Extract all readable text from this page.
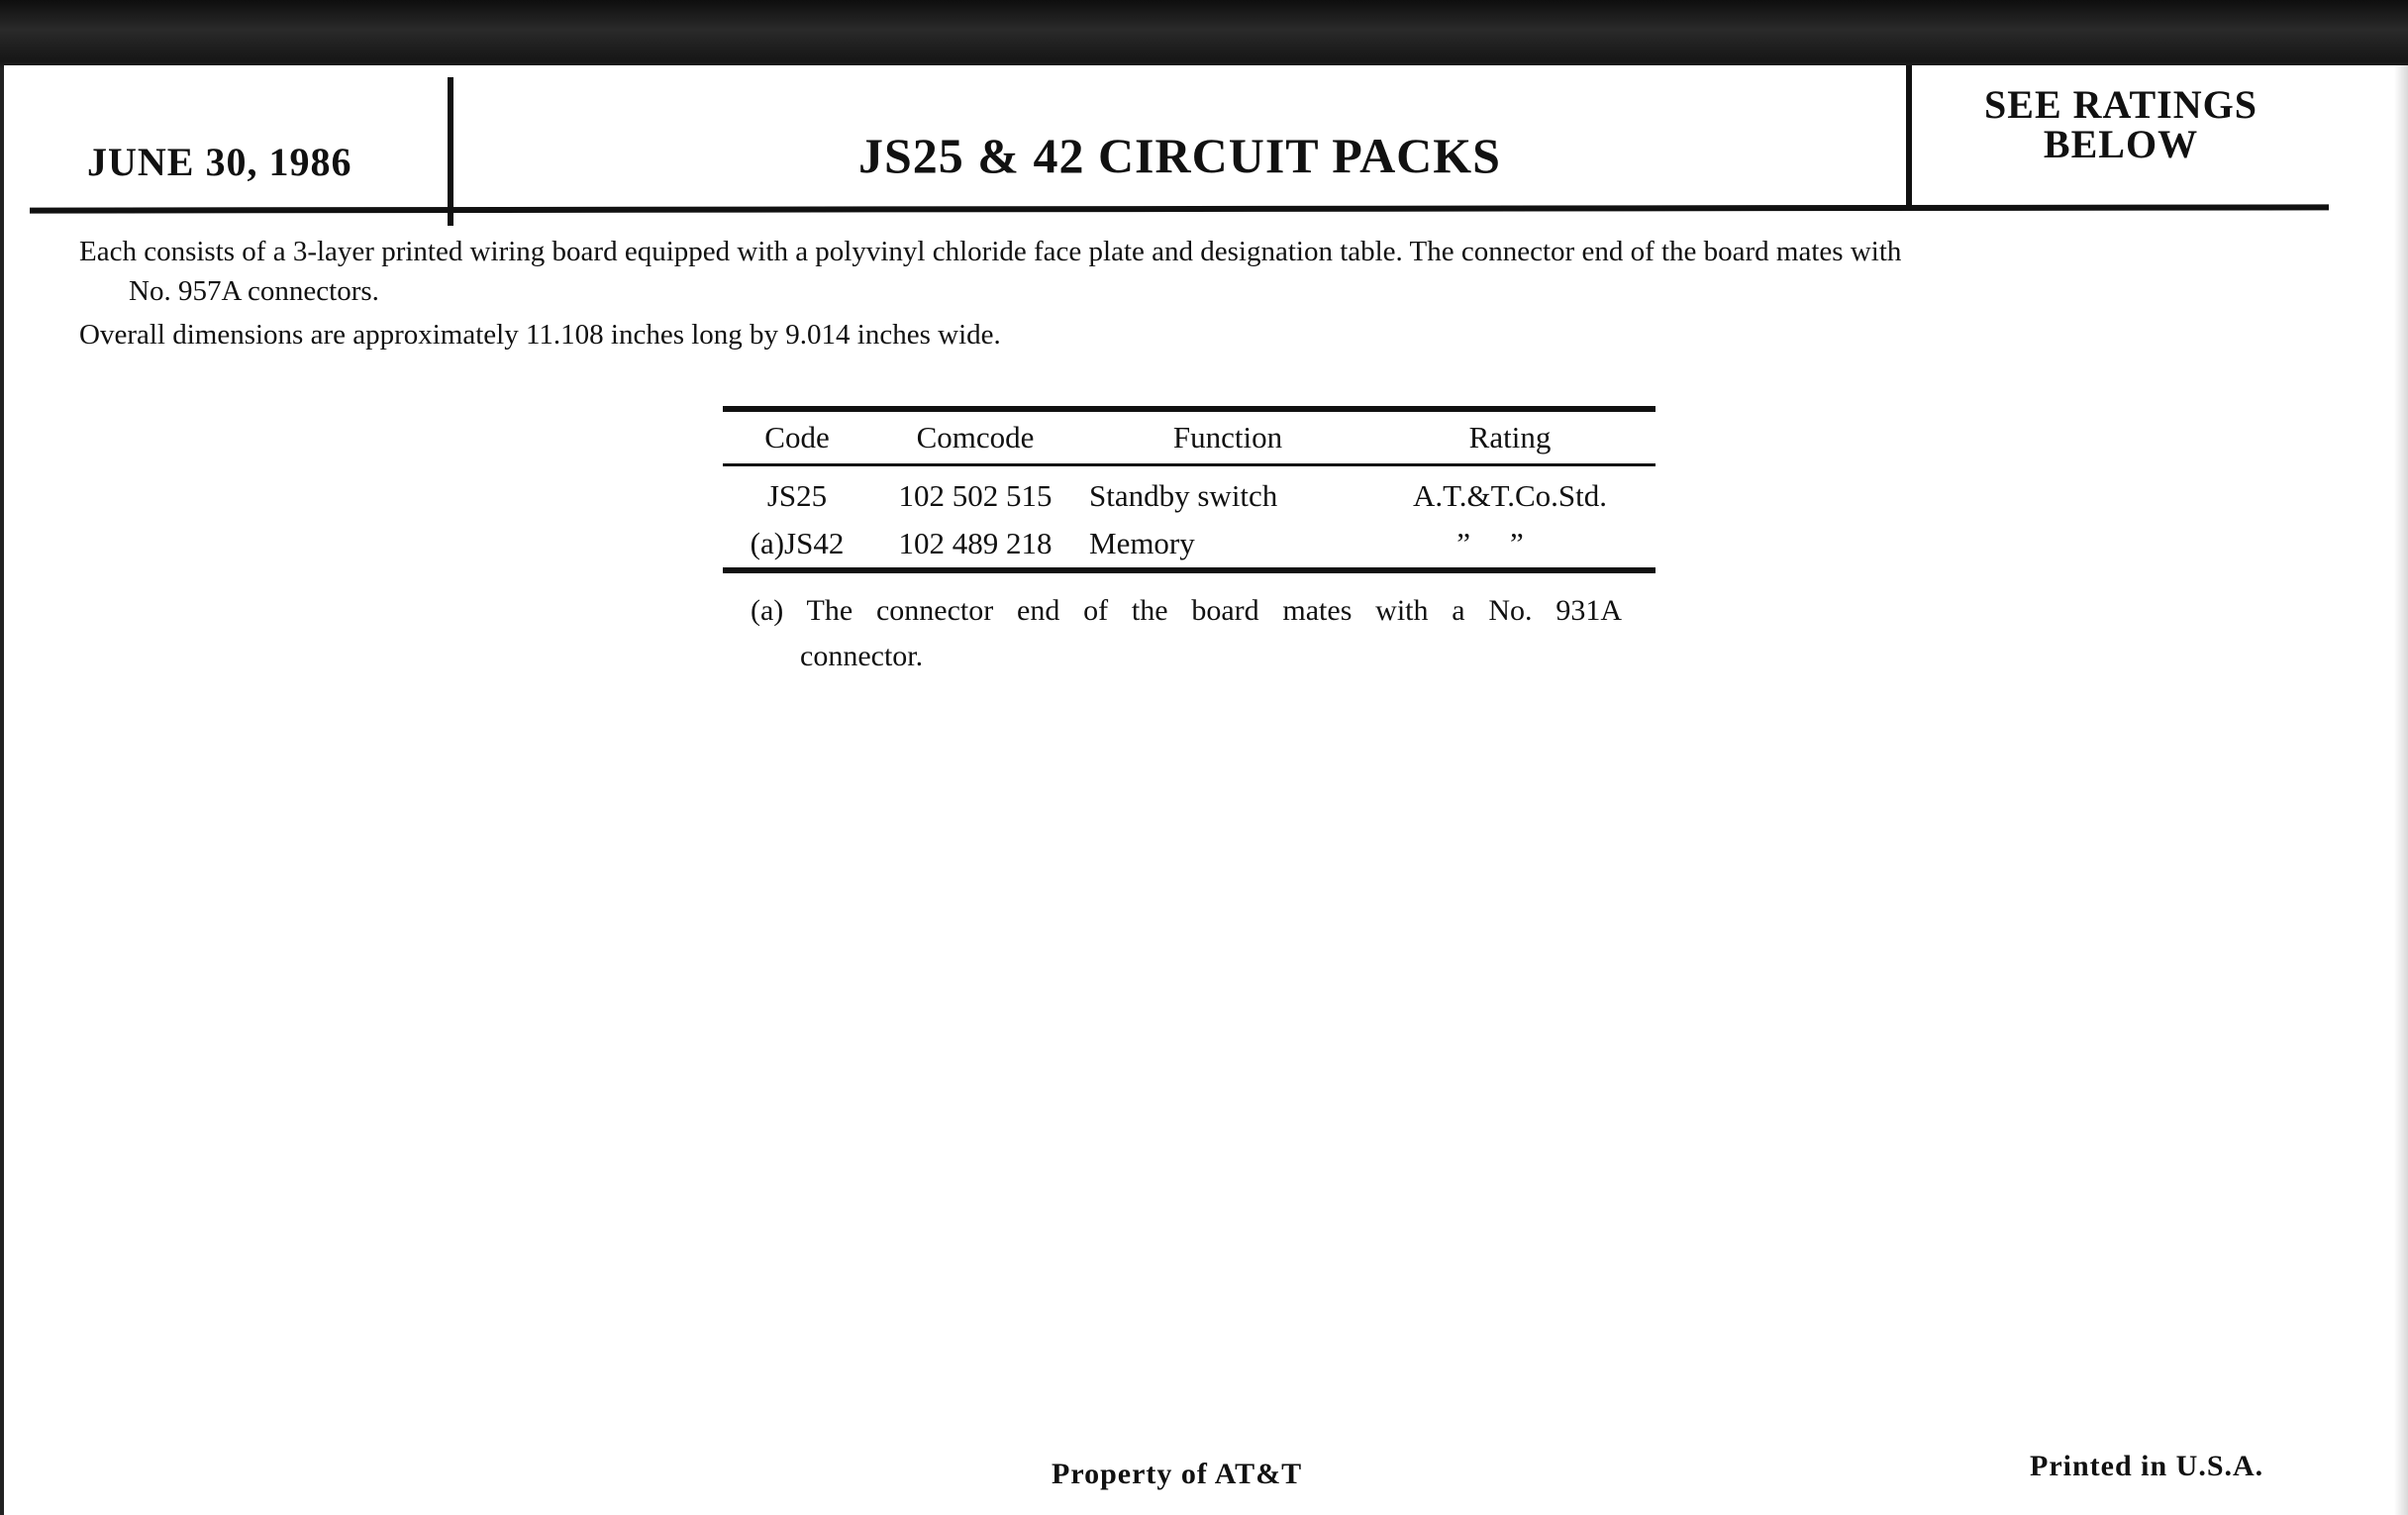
JUNE 30, 1986	JS25 & 42 CIRCUIT PACKS
SEE RATINGS
BELOW
Each consists of a 3-layer printed wiring board equipped with a polyvinyl chloride face plate and designation table. The connector end of the board mates with
No. 957A connectors.
Overall dimensions are approximately 11.108 inches long by 9.014 inches wide.
Code	Comcode	Function	Rating
JS25	102 502 515	Standby switch	A.T.&T.Co.Std.
(a)JS42	102 489 218	Memory	””
(a) The connector end of the board mates with a No. 931A
connector.
Property of AT&T	Printed in U.S.A.
